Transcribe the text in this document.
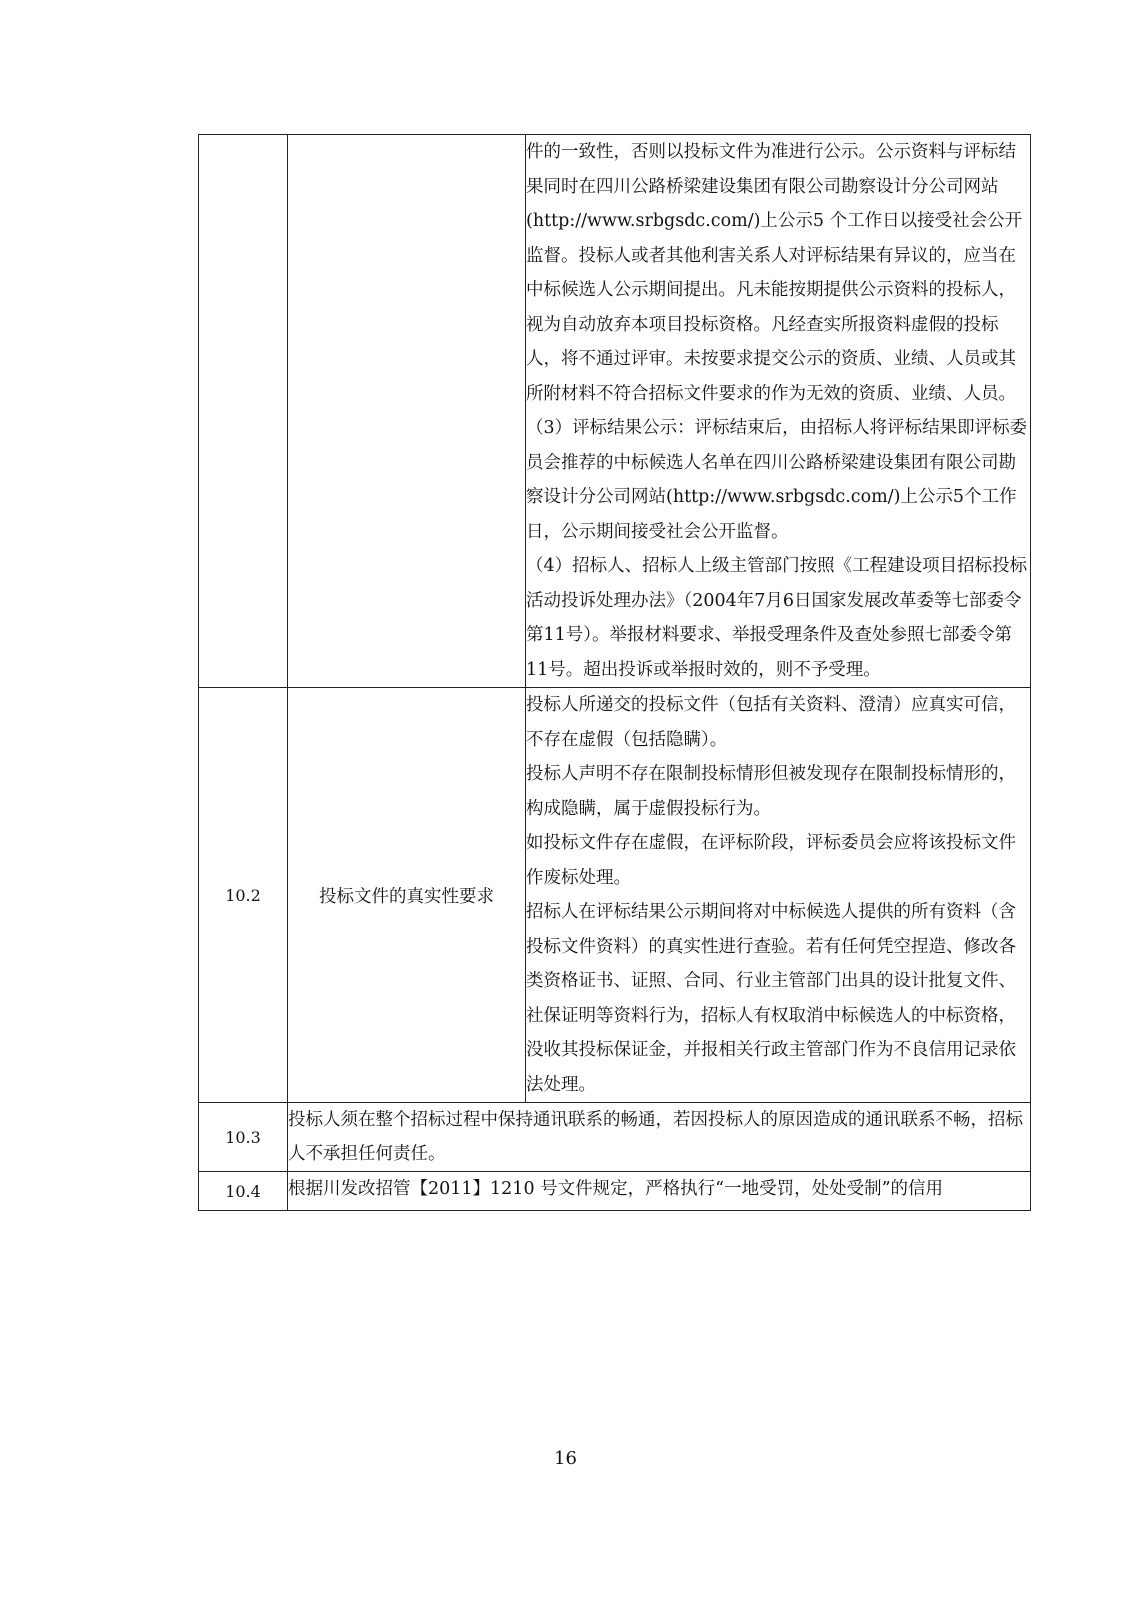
		件的一致性，否则以投标文件为准进行公示。公示资料与评标结果同时在四川公路桥梁建设集团有限公司勘察设计分公司网站(http://www.srbgsdc.com/)上公示5 个工作日以接受社会公开监督。投标人或者其他利害关系人对评标结果有异议的，应当在中标候选人公示期间提出。凡未能按期提供公示资料的投标人，视为自动放弃本项目投标资格。凡经查实所报资料虚假的投标人，将不通过评审。未按要求提交公示的资质、业绩、人员或其所附材料不符合招标文件要求的作为无效的资质、业绩、人员。

（3）评标结果公示：评标结束后，由招标人将评标结果即评标委员会推荐的中标候选人名单在四川公路桥梁建设集团有限公司勘察设计分公司网站(http://www.srbgsdc.com/)上公示5个工作日，公示期间接受社会公开监督。

（4）招标人、招标人上级主管部门按照《工程建设项目招标投标活动投诉处理办法》（2004年7月6日国家发展改革委等七部委令第11号）。举报材料要求、举报受理条件及查处参照七部委令第11号。超出投诉或举报时效的，则不予受理。

10.2	投标文件的真实性要求	投标人所递交的投标文件（包括有关资料、澄清）应真实可信，不存在虚假（包括隐瞒）。

投标人声明不存在限制投标情形但被发现存在限制投标情形的，构成隐瞒，属于虚假投标行为。

如投标文件存在虚假，在评标阶段，评标委员会应将该投标文件作废标处理。

招标人在评标结果公示期间将对中标候选人提供的所有资料（含投标文件资料）的真实性进行查验。若有任何凭空捏造、修改各类资格证书、证照、合同、行业主管部门出具的设计批复文件、社保证明等资料行为，招标人有权取消中标候选人的中标资格，没收其投标保证金，并报相关行政主管部门作为不良信用记录依法处理。

10.3	投标人须在整个招标过程中保持通讯联系的畅通，若因投标人的原因造成的通讯联系不畅，招标人不承担任何责任。	
10.4	根据川发改招管【2011】1210 号文件规定，严格执行“一地受罚，处处受制”的信用	
16
